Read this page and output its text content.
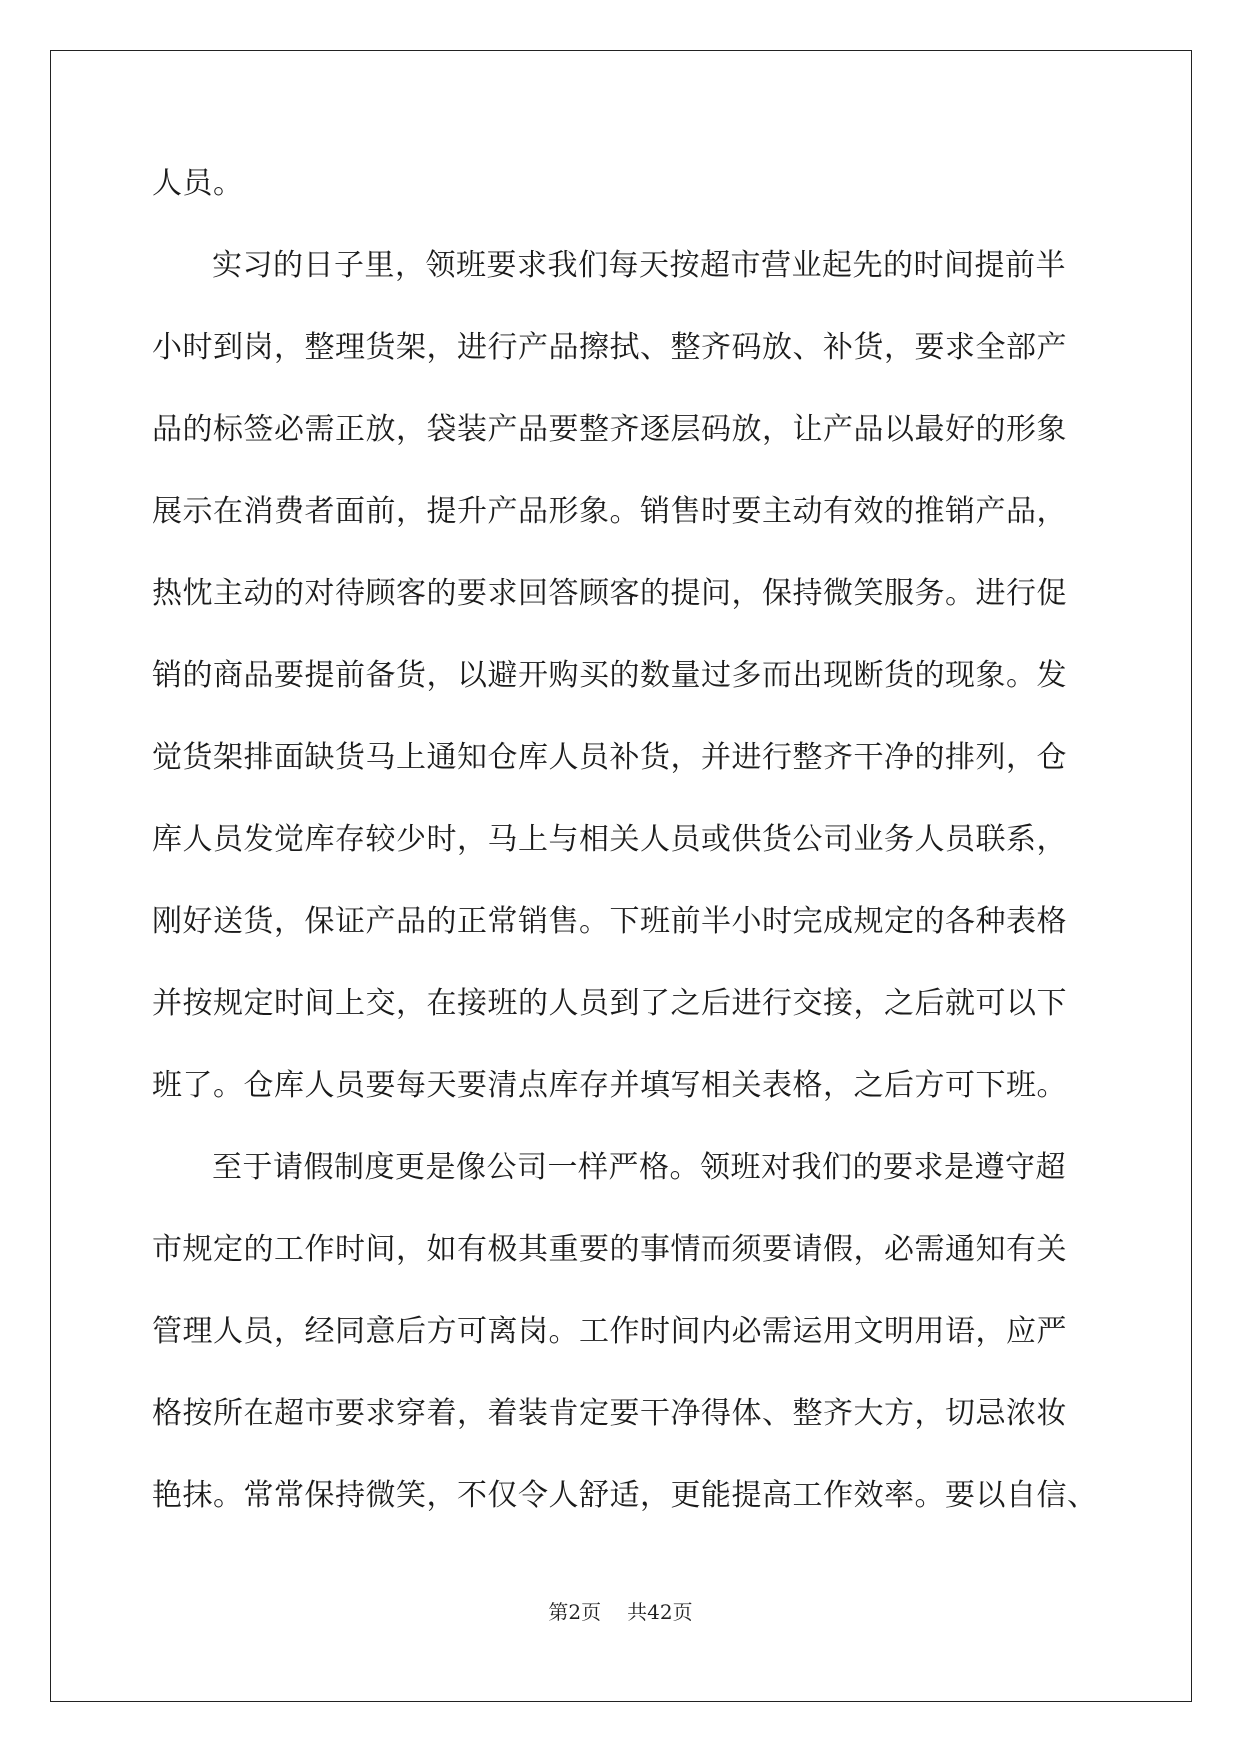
人员。
实习的日子里，领班要求我们每天按超市营业起先的时间提前半
小时到岗，整理货架，进行产品擦拭、整齐码放、补货，要求全部产
品的标签必需正放，袋装产品要整齐逐层码放，让产品以最好的形象
展示在消费者面前，提升产品形象。销售时要主动有效的推销产品，
热忱主动的对待顾客的要求回答顾客的提问，保持微笑服务。进行促
销的商品要提前备货，以避开购买的数量过多而出现断货的现象。发
觉货架排面缺货马上通知仓库人员补货，并进行整齐干净的排列，仓
库人员发觉库存较少时，马上与相关人员或供货公司业务人员联系，
刚好送货，保证产品的正常销售。下班前半小时完成规定的各种表格
并按规定时间上交，在接班的人员到了之后进行交接，之后就可以下
班了。仓库人员要每天要清点库存并填写相关表格，之后方可下班。
至于请假制度更是像公司一样严格。领班对我们的要求是遵守超
市规定的工作时间，如有极其重要的事情而须要请假，必需通知有关
管理人员，经同意后方可离岗。工作时间内必需运用文明用语，应严
格按所在超市要求穿着，着装肯定要干净得体、整齐大方，切忌浓妆
艳抹。常常保持微笑，不仅令人舒适，更能提高工作效率。要以自信、
第2页 共42页
